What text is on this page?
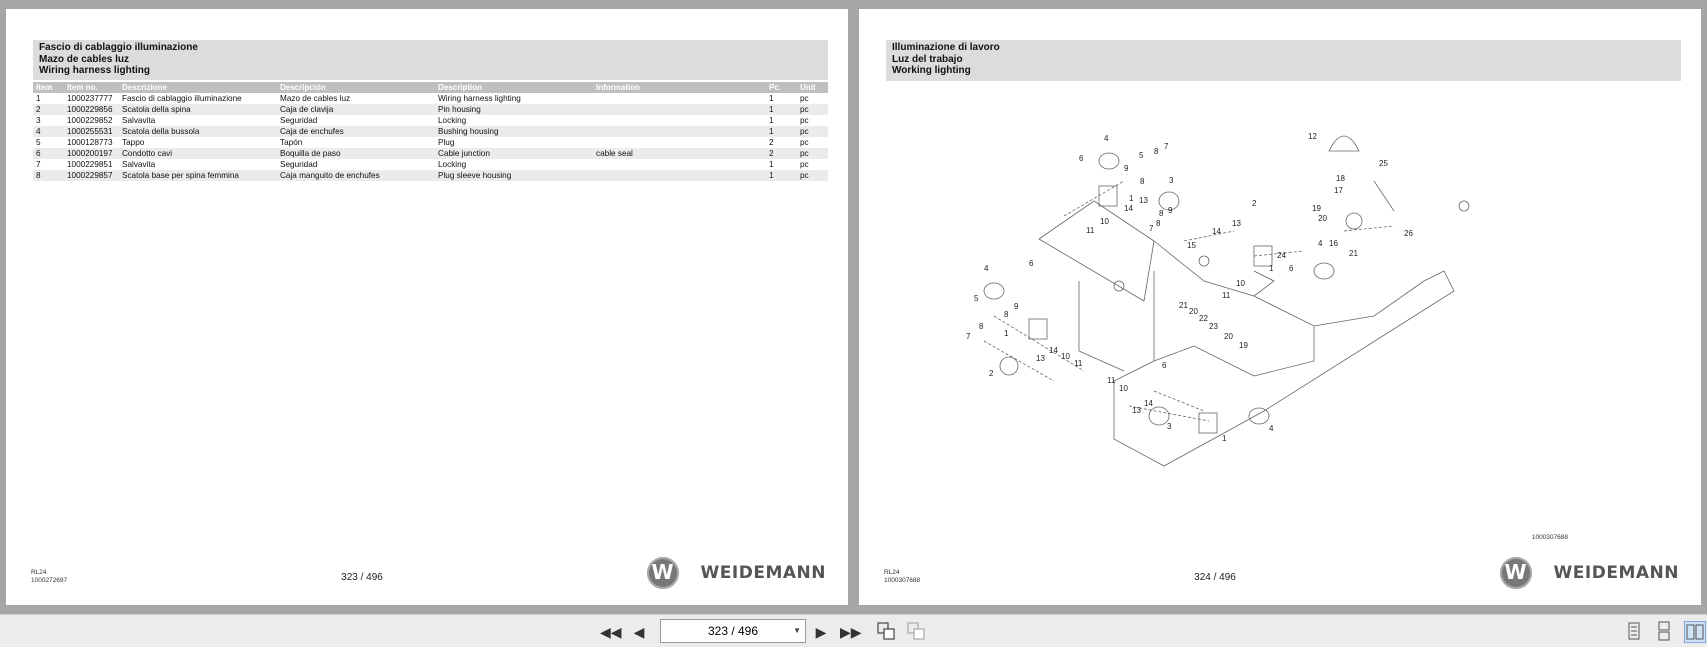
Fascio di cablaggio illuminazione
Mazo de cables luz
Wiring harness lighting
Item	Item no.	Descrizione	Descripción	Description	Information	Pc.	Unit
1	1000237777	Fascio di cablaggio illuminazione	Mazo de cables luz	Wiring harness lighting		1	pc
2	1000229856	Scatola della spina	Caja de clavija	Pin housing		1	pc
3	1000229852	Salvavita	Seguridad	Locking		1	pc
4	1000255531	Scatola della bussola	Caja de enchufes	Bushing housing		1	pc
5	1000128773	Tappo	Tapón	Plug		2	pc
6	1000200197	Condotto cavi	Boquilla de paso	Cable junction	cable seal	2	pc
7	1000229851	Salvavita	Seguridad	Locking		1	pc
8	1000229857	Scatola base per spina femmina	Caja manguito de enchufes	Plug sleeve housing		1	pc
RL24
1000272697	323 / 496	W WEIDEMANN
Illuminazione di lavoro
Luz del trabajo
Working lighting
4
6	5 8
7
9
8
1
14
3
13
8 9
7
8
15
10
11
2
13
14
24
1
10
11
19
20
18
17
12
25
26
16
4
21
6
21
20
22
23
20
19
4
6
5
9
8
8
7	1
14
13 10
11
2
6
11
10
14
13
3
1
4
1000307688
RL24
1000307688	324 / 496	W WEIDEMANN
◀◀ ◀	323 / 496	▼ ▶ ▶▶
